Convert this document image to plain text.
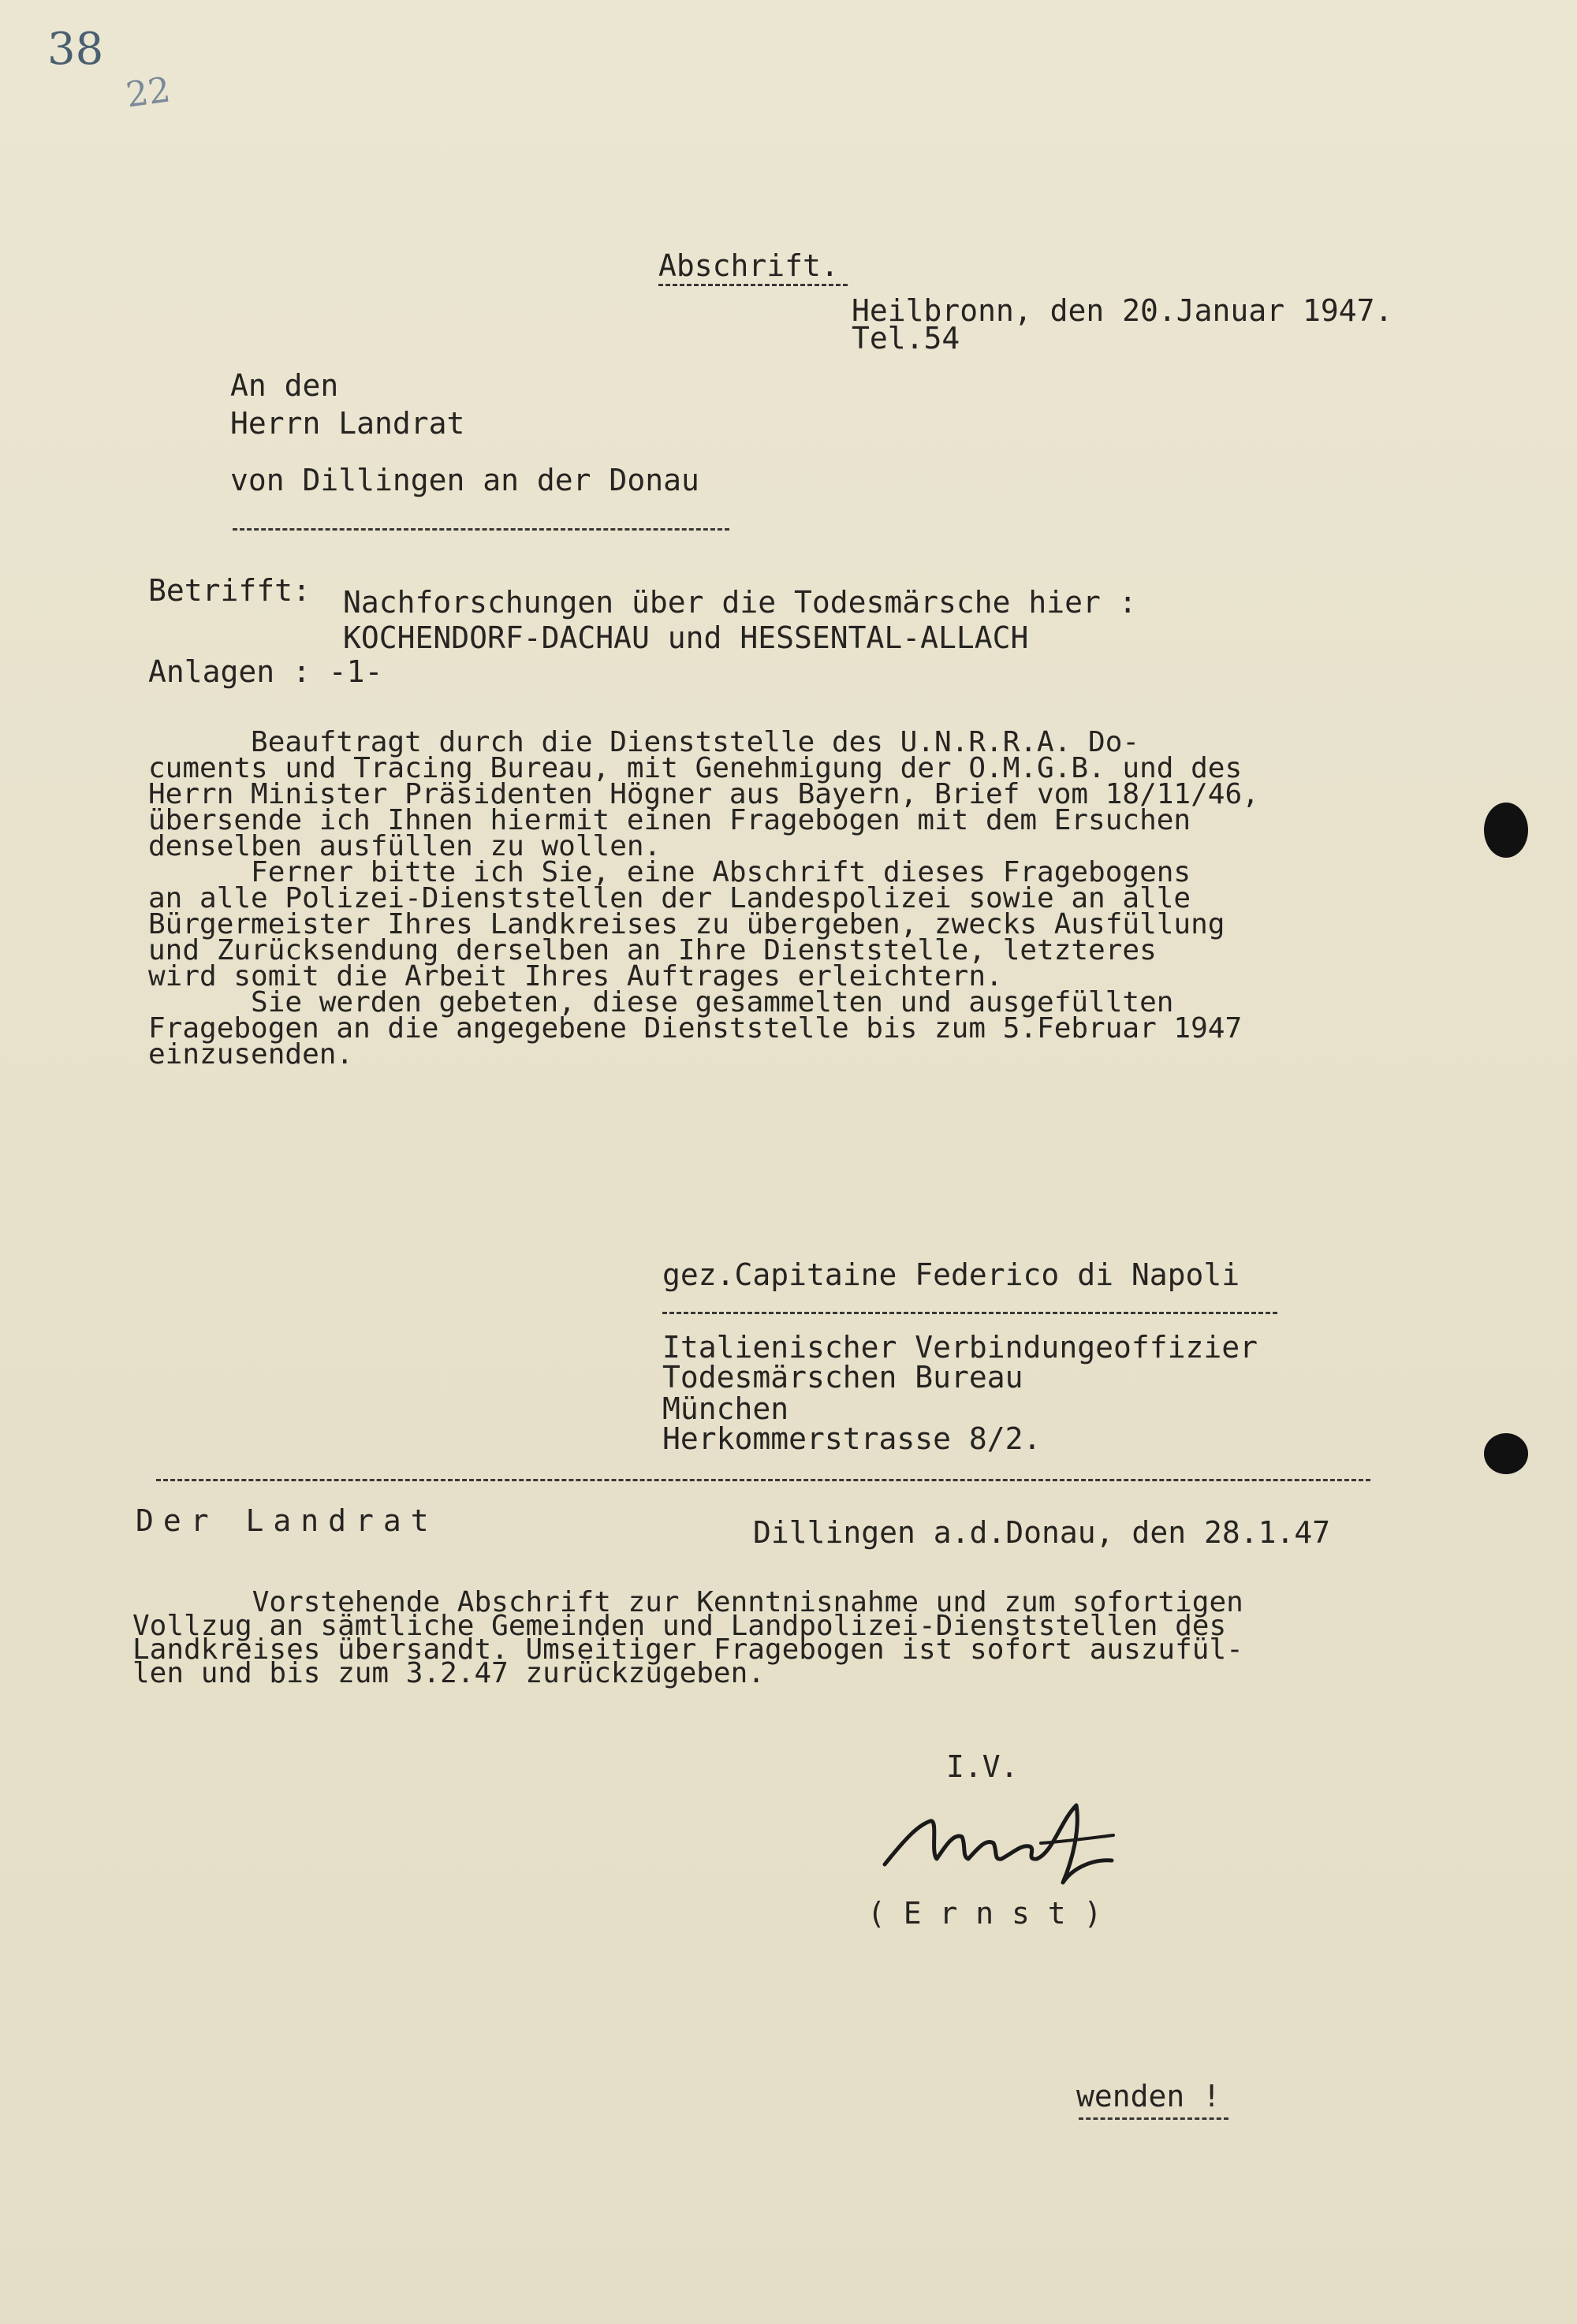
38
22
Abschrift.
Heilbronn, den 20.Januar 1947.
Tel.54
An den
Herrn Landrat
von Dillingen an der Donau
Betrifft: Nachforschungen über die Todesmärsche hier :
KOCHENDORF-DACHAU und HESSENTAL-ALLACH
Anlagen : -1-
Beauftragt durch die Dienststelle des U.N.R.R.A. Do-
cuments und Tracing Bureau, mit Genehmigung der O.M.G.B. und des
Herrn Minister Präsidenten Högner aus Bayern, Brief vom 18/11/46,
übersende ich Ihnen hiermit einen Fragebogen mit dem Ersuchen
denselben ausfüllen zu wollen.
Ferner bitte ich Sie, eine Abschrift dieses Fragebogens
an alle Polizei-Dienststellen der Landespolizei sowie an alle
Bürgermeister Ihres Landkreises zu übergeben, zwecks Ausfüllung
und Zurücksendung derselben an Ihre Dienststelle, letzteres
wird somit die Arbeit Ihres Auftrages erleichtern.
Sie werden gebeten, diese gesammelten und ausgefüllten
Fragebogen an die angegebene Dienststelle bis zum 5.Februar 1947
einzusenden.
gez.Capitaine Federico di Napoli
Italienischer Verbindungeoffizier
Todesmärschen Bureau
München
Herkommerstrasse 8/2.
Der Landrat	Dillingen a.d.Donau, den 28.1.47
Vorstehende Abschrift zur Kenntnisnahme und zum sofortigen
Vollzug an sämtliche Gemeinden und Landpolizei-Dienststellen des
Landkreises übersandt. Umseitiger Fragebogen ist sofort auszufül-
len und bis zum 3.2.47 zurückzugeben.
I.V.
( E r n s t )
wenden !
